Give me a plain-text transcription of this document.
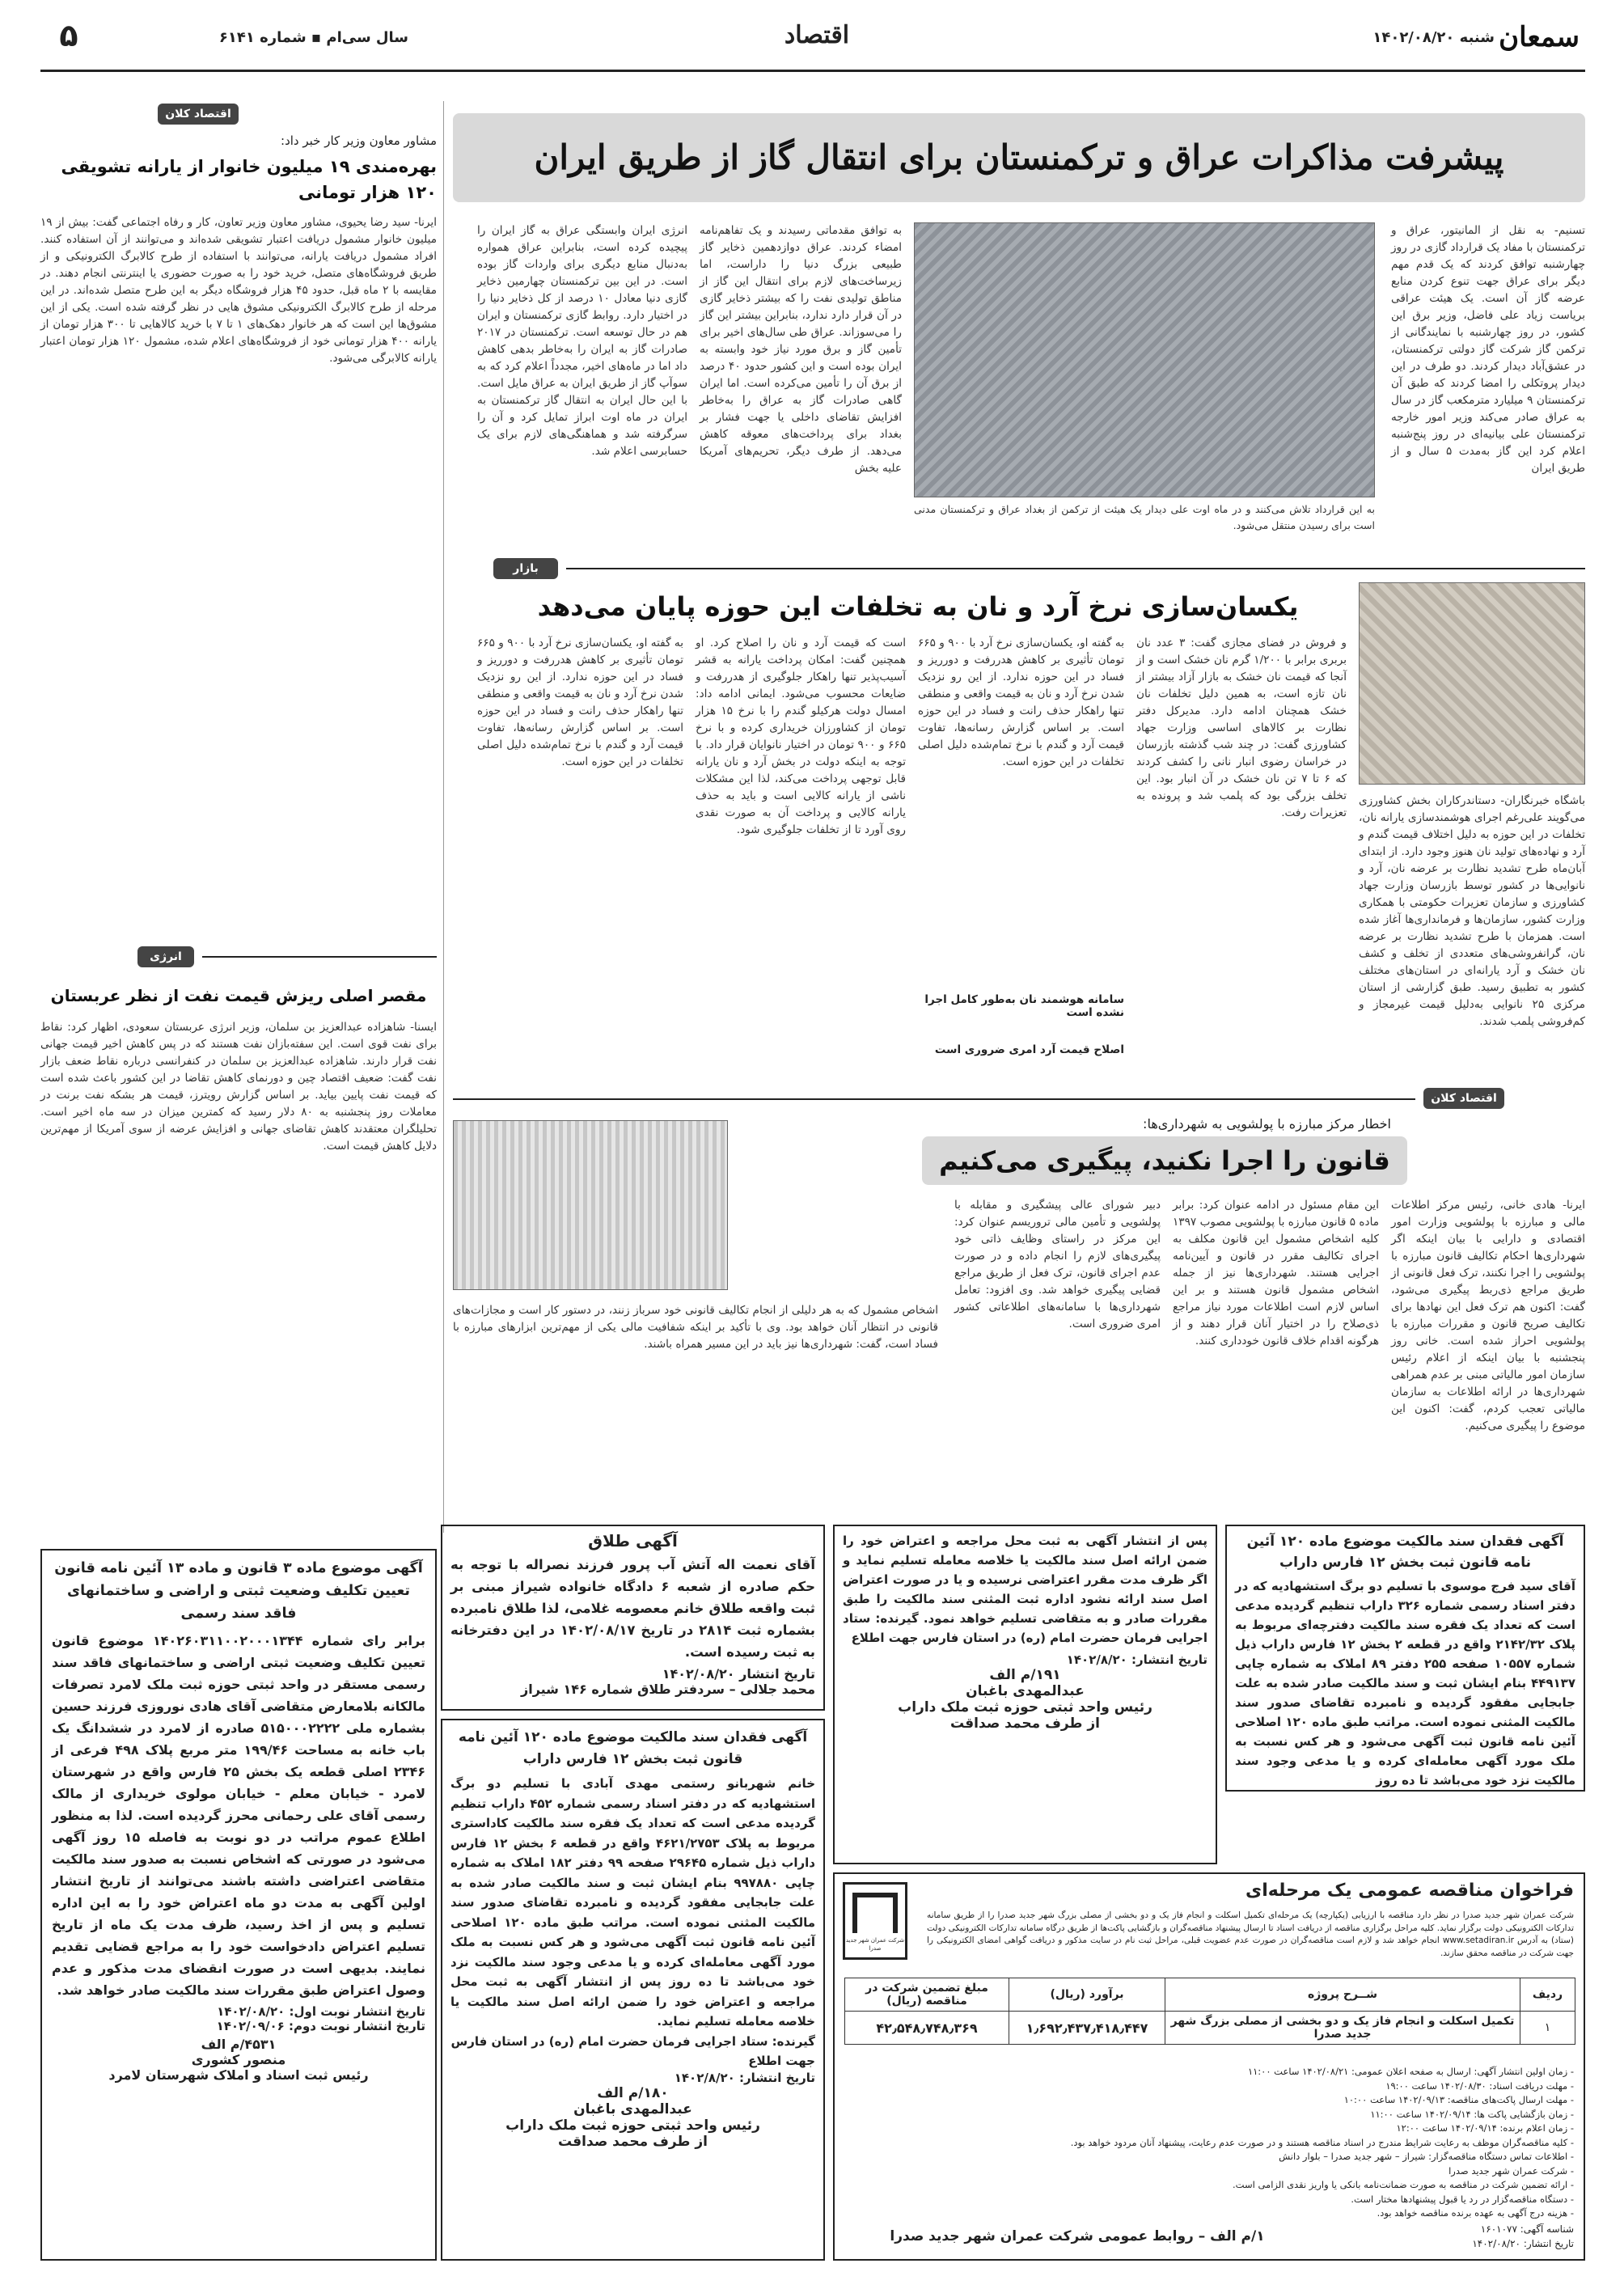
سمعان
شنبه ۱۴۰۲/۰۸/۲۰
اقتصاد
سال سی‌ام ▪ شماره ۶۱۴۱
۵
پیشرفت مذاکرات عراق و ترکمنستان برای انتقال گاز از طریق ایران
تسنیم- به نقل از المانیتور، عراق و ترکمنستان با مفاد یک قرارداد گازی در روز چهارشنبه توافق کردند که یک قدم مهم دیگر برای عراق جهت تنوع کردن منابع عرضه گاز آن است. یک هیئت عراقی بریاست زیاد علی فاضل، وزیر برق این کشور، در روز چهارشنبه با نمایندگانی از ترکمن گاز شرکت گاز دولتی ترکمنستان، در عشق‌آباد دیدار کردند. دو طرف در این دیدار پروتکلی را امضا کردند که طبق آن ترکمنستان ۹ میلیارد مترمکعب گاز در سال به عراق صادر می‌کند وزیر امور خارجه ترکمنستان علی بیانیه‌ای در روز پنج‌شنبه اعلام کرد این گاز به‌مدت ۵ سال و از طریق ایران
به این قرارداد تلاش می‌کنند و در ماه اوت علی دیدار یک هیئت از ترکمن از بغداد عراق و ترکمنستان مدنی است برای رسیدن منتقل می‌شود.
به توافق مقدماتی رسیدند و یک تفاهم‌نامه امضاء کردند. عراق دوازدهمین ذخایر گاز طبیعی بزرگ دنیا را داراست، اما زیرساخت‌های لازم برای انتقال این گاز از مناطق تولیدی نفت را که بیشتر ذخایر گازی در آن قرار دارد ندارد، بنابراین بیشتر این گاز را می‌سوزاند. عراق طی سال‌های اخیر برای تأمین گاز و برق مورد نیاز خود وابسته به ایران بوده است و این کشور حدود ۴۰ درصد از برق آن را تأمین می‌کرده است. اما ایران گاهی صادرات گاز به عراق را به‌خاطر افزایش تقاضای داخلی یا جهت فشار بر بغداد برای پرداخت‌های معوقه کاهش می‌دهد. از طرف دیگر، تحریم‌های آمریکا علیه بخش
انرژی ایران وابستگی عراق به گاز ایران را پیچیده کرده است، بنابراین عراق همواره به‌دنبال منابع دیگری برای واردات گاز بوده است. در این بین ترکمنستان چهارمین ذخایر گازی دنیا معادل ۱۰ درصد از کل ذخایر دنیا را در اختیار دارد. روابط گازی ترکمنستان و ایران هم در حال توسعه است. ترکمنستان در ۲۰۱۷ صادرات گاز به ایران را به‌خاطر بدهی کاهش داد اما در ماه‌های اخیر، مجدداً اعلام کرد که به سوآپ گاز از طریق ایران به عراق مایل است. با این حال ایران به انتقال گاز ترکمنستان به ایران در ماه اوت ابراز تمایل کرد و آن را سرگرفته شد و هماهنگی‌های لازم برای یک حسابرسی اعلام شد.
بازار
یکسان‌سازی نرخ آرد و نان به تخلفات این حوزه پایان می‌دهد
باشگاه خبرنگاران- دستاندرکاران بخش کشاورزی می‌گویند علی‌رغم اجرای هوشمندسازی یارانه نان، تخلفات در این حوزه به دلیل اختلاف قیمت گندم و آرد و نهاده‌های تولید نان هنوز وجود دارد. از ابتدای آبان‌ماه طرح تشدید نظارت بر عرضه نان، آرد و نانوایی‌ها در کشور توسط بازرسان وزارت جهاد کشاورزی و سازمان تعزیرات حکومتی با همکاری وزارت کشور، سازمان‌ها و فرمانداری‌ها آغاز شده است. همزمان با طرح تشدید نظارت بر عرضه نان، گرانفروشی‌های متعددی از تخلف و کشف نان خشک و آرد یارانه‌ای در استان‌های مختلف کشور به تطبیق رسید. طبق گزارشی از استان مرکزی ۲۵ نانوایی به‌دلیل قیمت غیرمجاز و کم‌فروشی پلمب شدند.
و فروش در فضای مجازی گفت: ۳ عدد نان بربری برابر با ۱/۲۰۰ گرم نان خشک است و از آنجا که قیمت نان خشک به بازار آزاد بیشتر از نان تازه است، به همین دلیل تخلفات نان خشک همچنان ادامه دارد. مدیرکل دفتر نظارت بر کالاهای اساسی وزارت جهاد کشاورزی گفت: در چند شب گذشته بازرسان در خراسان رضوی انبار نانی را کشف کردند که ۶ تا ۷ تن نان خشک در آن انبار بود. این تخلف بزرگی بود که پلمب شد و پرونده به تعزیرات رفت.
به گفته او، یکسان‌سازی نرخ آرد با ۹۰۰ و ۶۶۵ تومان تأثیری بر کاهش هدررفت و دورریز و فساد در این حوزه ندارد. از این رو نزدیک شدن نرخ آرد و نان به قیمت واقعی و منطقی تنها راهکار حذف رانت و فساد در این حوزه است. بر اساس گزارش رسانه‌ها، تفاوت قیمت آرد و گندم با نرخ تمام‌شده دلیل اصلی تخلفات در این حوزه است.
سامانه هوشمند نان به‌طور کامل اجرا نشده است
اصلاح قیمت آرد امری ضروری است
است که قیمت آرد و نان را اصلاح کرد. او همچنین گفت: امکان پرداخت یارانه به قشر آسیب‌پذیر تنها راهکار جلوگیری از هدررفت و ضایعات محسوب می‌شود. ایمانی ادامه داد: امسال دولت هرکیلو گندم را با نرخ ۱۵ هزار تومان از کشاورزان خریداری کرده و با نرخ ۶۶۵ و ۹۰۰ تومان در اختیار نانوایان قرار داد. با توجه به اینکه دولت در بخش آرد و نان یارانه قابل توجهی پرداخت می‌کند، لذا این مشکلات ناشی از یارانه کالایی است و باید به حذف یارانه کالایی و پرداخت آن به صورت نقدی روی آورد تا از تخلفات جلوگیری شود.
به گفته او، یکسان‌سازی نرخ آرد با ۹۰۰ و ۶۶۵ تومان تأثیری بر کاهش هدررفت و دورریز و فساد در این حوزه ندارد. از این رو نزدیک شدن نرخ آرد و نان به قیمت واقعی و منطقی تنها راهکار حذف رانت و فساد در این حوزه است. بر اساس گزارش رسانه‌ها، تفاوت قیمت آرد و گندم با نرخ تمام‌شده دلیل اصلی تخلفات در این حوزه است.
اقتصاد کلان
اخطار مرکز مبارزه با پولشویی به شهرداری‌ها:
قانون را اجرا نکنید، پیگیری می‌کنیم
ایرنا- هادی خانی، رئیس مرکز اطلاعات مالی و مبارزه با پولشویی وزارت امور اقتصادی و دارایی با بیان اینکه اگر شهرداری‌ها احکام تکالیف قانون مبارزه با پولشویی را اجرا نکنند، ترک فعل قانونی از طریق مراجع ذی‌ربط پیگیری می‌شود، گفت: اکنون هم ترک فعل این نهادها برای تکالیف صریح قانون و مقررات مبارزه با پولشویی احراز شده است. خانی روز پنجشنبه با بیان اینکه از اعلام رئیس سازمان امور مالیاتی مبنی بر عدم همراهی شهرداری‌ها در ارائه اطلاعات به سازمان مالیاتی تعجب کردم، گفت: اکنون این موضوع را پیگیری می‌کنیم.
این مقام مسئول در ادامه عنوان کرد: برابر ماده ۵ قانون مبارزه با پولشویی مصوب ۱۳۹۷ کلیه اشخاص مشمول این قانون مکلف به اجرای تکالیف مقرر در قانون و آیین‌نامه اجرایی هستند. شهرداری‌ها نیز از جمله اشخاص مشمول قانون هستند و بر این اساس لازم است اطلاعات مورد نیاز مراجع ذی‌صلاح را در اختیار آنان قرار دهند و از هرگونه اقدام خلاف قانون خودداری کنند.
دبیر شورای عالی پیشگیری و مقابله با پولشویی و تأمین مالی تروریسم عنوان کرد: این مرکز در راستای وظایف ذاتی خود پیگیری‌های لازم را انجام داده و در صورت عدم اجرای قانون، ترک فعل از طریق مراجع قضایی پیگیری خواهد شد. وی افزود: تعامل شهرداری‌ها با سامانه‌های اطلاعاتی کشور امری ضروری است.
اشخاص مشمول که به هر دلیلی از انجام تکالیف قانونی خود سرباز زنند، در دستور کار است و مجازات‌های قانونی در انتظار آنان خواهد بود. وی با تأکید بر اینکه شفافیت مالی یکی از مهم‌ترین ابزارهای مبارزه با فساد است، گفت: شهرداری‌ها نیز باید در این مسیر همراه باشند.
اقتصاد کلان
مشاور معاون وزیر کار خبر داد:
بهره‌مندی ۱۹ میلیون خانوار از یارانه تشویقی ۱۲۰ هزار تومانی
ایرنا- سید رضا یحیوی، مشاور معاون وزیر تعاون، کار و رفاه اجتماعی گفت: بیش از ۱۹ میلیون خانوار مشمول دریافت اعتبار تشویقی شده‌اند و می‌توانند از آن استفاده کنند. افراد مشمول دریافت یارانه، می‌توانند با استفاده از طرح کالابرگ الکترونیکی و از طریق فروشگاه‌های متصل، خرید خود را به صورت حضوری یا اینترنتی انجام دهند. در مقایسه با ۲ ماه قبل، حدود ۴۵ هزار فروشگاه دیگر به این طرح متصل شده‌اند. در این مرحله از طرح کالابرگ الکترونیکی مشوق هایی در نظر گرفته شده است. یکی از این مشوق‌ها این است که هر خانوار دهک‌های ۱ تا ۷ با خرید کالاهایی تا ۳۰۰ هزار تومان از یارانه ۴۰۰ هزار تومانی خود از فروشگاه‌های اعلام شده، مشمول ۱۲۰ هزار تومان اعتبار یارانه کالابرگی می‌شود.
انرژی
مقصر اصلی ریزش قیمت نفت از نظر عربستان
ایسنا- شاهزاده عبدالعزیز بن سلمان، وزیر انرژی عربستان سعودی، اظهار کرد: نقاط برای نفت قوی است. این سفته‌بازان نفت هستند که در پس کاهش اخیر قیمت جهانی نفت قرار دارند. شاهزاده عبدالعزیز بن سلمان در کنفرانسی درباره نقاط ضعف بازار نفت گفت: ضعیف اقتصاد چین و دورنمای کاهش تقاضا در این کشور باعث شده است که قیمت نفت پایین بیاید. بر اساس گزارش رویترز، قیمت هر بشکه نفت برنت در معاملات روز پنجشنبه به ۸۰ دلار رسید که کمترین میزان در سه ماه اخیر است. تحلیلگران معتقدند کاهش تقاضای جهانی و افزایش عرضه از سوی آمریکا از مهم‌ترین دلایل کاهش قیمت است.
آگهی طلاق
آقای نعمت اله آتش آب پرور فرزند نصراله با توجه به حکم صادره از شعبه ۶ دادگاه خانواده شیراز مبنی بر ثبت واقعه طلاق خانم معصومه غلامی، لذا طلاق نامبرده بشماره ثبت ۲۸۱۴ در تاریخ ۱۴۰۲/۰۸/۱۷ در این دفترخانه به ثبت رسیده است.
تاریخ انتشار ۱۴۰۲/۰۸/۲۰
محمد جلالی – سردفتر طلاق شماره ۱۴۶ شیراز
پس از انتشار آگهی به ثبت محل مراجعه و اعتراض خود را ضمن ارائه اصل سند مالکیت یا خلاصه معامله تسلیم نماید و اگر ظرف مدت مقرر اعتراضی نرسیده و یا در صورت اعتراض اصل سند ارائه نشود اداره ثبت المثنی سند مالکیت را طبق مقررات صادر و به متقاضی تسلیم خواهد نمود. گیرنده: ستاد اجرایی فرمان حضرت امام (ره) در استان فارس جهت اطلاع
تاریخ انتشار: ۱۴۰۲/۸/۲۰
۱۹۱/م الف
عبدالمهدی باغبان
رئیس واحد ثبتی حوزه ثبت ملک داراب
از طرف محمد صداقت
آگهی فقدان سند مالکیت موضوع ماده ۱۲۰ آئین نامه قانون ثبت بخش ۱۲ فارس داراب
آقای سید فرج موسوی با تسلیم دو برگ استشهادیه که در دفتر اسناد رسمی شماره ۳۲۶ داراب تنظیم گردیده مدعی است که تعداد یک فقره سند مالکیت دفترچه‌ای مربوط به پلاک ۲۱۴۲/۳۲ واقع در قطعه ۲ بخش ۱۲ فارس داراب ذیل شماره ۱۰۵۵۷ صفحه ۲۵۵ دفتر ۸۹ املاک به شماره چاپی ۴۴۹۱۳۷ بنام ایشان ثبت و سند مالکیت صادر شده به علت جابجایی مفقود گردیده و نامبرده تقاضای صدور سند مالکیت المثنی نموده است. مراتب طبق ماده ۱۲۰ اصلاحی آئین نامه قانون ثبت آگهی می‌شود و هر کس نسبت به ملک مورد آگهی معامله‌ای کرده و یا مدعی وجود سند مالکیت نزد خود می‌باشد تا ده روز
آگهی موضوع ماده ۳ قانون و ماده ۱۳ آئین نامه قانون تعیین تکلیف وضعیت ثبتی و اراضی و ساختمانهای فاقد سند رسمی
برابر رای شماره ۱۴۰۲۶۰۳۱۱۰۰۲۰۰۰۱۳۴۴ موضوع قانون تعیین تکلیف وضعیت ثبتی اراضی و ساختمانهای فاقد سند رسمی مستقر در واحد ثبتی حوزه ثبت ملک لامرد تصرفات مالکانه بلامعارض متقاضی آقای هادی نوروزی فرزند حسین بشماره ملی ۵۱۵۰۰۰۲۲۲۲ صادره از لامرد در ششدانگ یک باب خانه به مساحت ۱۹۹/۴۶ متر مربع پلاک ۴۹۸ فرعی از ۲۳۴۶ اصلی قطعه یک بخش ۲۵ فارس واقع در شهرستان لامرد - خیابان معلم - خیابان مولوی خریداری از مالک رسمی آقای علی رحمانی محرز گردیده است. لذا به منظور اطلاع عموم مراتب در دو نوبت به فاصله ۱۵ روز آگهی می‌شود در صورتی که اشخاص نسبت به صدور سند مالکیت متقاضی اعتراضی داشته باشند می‌توانند از تاریخ انتشار اولین آگهی به مدت دو ماه اعتراض خود را به این اداره تسلیم و پس از اخذ رسید، ظرف مدت یک ماه از تاریخ تسلیم اعتراض دادخواست خود را به مراجع قضایی تقدیم نمایند. بدیهی است در صورت انقضای مدت مذکور و عدم وصول اعتراض طبق مقررات سند مالکیت صادر خواهد شد.
تاریخ انتشار نوبت اول: ۱۴۰۲/۰۸/۲۰
تاریخ انتشار نوبت دوم: ۱۴۰۲/۰۹/۰۶
۴۵۳۱/م الف
منصور کشوری
رئیس ثبت اسناد و املاک شهرستان لامرد
آگهی فقدان سند مالکیت موضوع ماده ۱۲۰ آئین نامه قانون ثبت بخش ۱۲ فارس داراب
خانم شهربانو رستمی مهدی آبادی با تسلیم دو برگ استشهادیه که در دفتر اسناد رسمی شماره ۴۵۲ داراب تنظیم گردیده مدعی است که تعداد یک فقره سند مالکیت کاداستری مربوط به پلاک ۴۶۲۱/۲۷۵۳ واقع در قطعه ۶ بخش ۱۲ فارس داراب ذیل شماره ۲۹۶۴۵ صفحه ۹۹ دفتر ۱۸۲ املاک به شماره چاپی ۹۹۷۸۸۰ بنام ایشان ثبت و سند مالکیت صادر شده به علت جابجایی مفقود گردیده و نامبرده تقاضای صدور سند مالکیت المثنی نموده است. مراتب طبق ماده ۱۲۰ اصلاحی آئین نامه قانون ثبت آگهی می‌شود و هر کس نسبت به ملک مورد آگهی معامله‌ای کرده و یا مدعی وجود سند مالکیت نزد خود می‌باشد تا ده روز پس از انتشار آگهی به ثبت محل مراجعه و اعتراض خود را ضمن ارائه اصل سند مالکیت یا خلاصه معامله تسلیم نماید.
گیرنده: ستاد اجرایی فرمان حضرت امام (ره) در استان فارس جهت اطلاع
تاریخ انتشار: ۱۴۰۲/۸/۲۰
۱۸۰/م الف
عبدالمهدی باغبان
رئیس واحد ثبتی حوزه ثبت ملک داراب
از طرف محمد صداقت
شرکت عمران شهر جدید صدرا
فراخوان مناقصه عمومی یک مرحله‌ای
شرکت عمران شهر جدید صدرا در نظر دارد مناقصه با ارزیابی (یکپارچه) یک مرحله‌ای تکمیل اسکلت و انجام فاز یک و دو بخشی از مصلی بزرگ شهر جدید صدرا را از طریق سامانه تدارکات الکترونیکی دولت برگزار نماید. کلیه مراحل برگزاری مناقصه از دریافت اسناد تا ارسال پیشنهاد مناقصه‌گران و بازگشایی پاکت‌ها از طریق درگاه سامانه تدارکات الکترونیکی دولت (ستاد) به آدرس www.setadiran.ir انجام خواهد شد و لازم است مناقصه‌گران در صورت عدم عضویت قبلی، مراحل ثبت نام در سایت مذکور و دریافت گواهی امضای الکترونیکی را جهت شرکت در مناقصه محقق سازند.
ردیف	شــرح پروژه	برآورد (ریال)	مبلغ تضمین شرکت در مناقصه (ریال)
۱	تکمیل اسکلت و انجام فاز یک و دو بخشی از مصلی بزرگ شهر جدید صدرا	۱٫۶۹۲٫۴۳۷٫۴۱۸٫۴۴۷	۴۲٫۵۴۸٫۷۴۸٫۳۶۹
- زمان اولین انتشار آگهی: ارسال به صفحه اعلان عمومی: ۱۴۰۲/۰۸/۲۱ ساعت ۱۱:۰۰
- مهلت دریافت اسناد: ۱۴۰۲/۰۸/۳۰ ساعت ۱۹:۰۰
- مهلت ارسال پاکت‌های مناقصه: ۱۴۰۲/۰۹/۱۳ ساعت ۱۰:۰۰
- زمان بازگشایی پاکت ها: ۱۴۰۲/۰۹/۱۴ ساعت ۱۱:۰۰
- زمان اعلام برنده: ۱۴۰۲/۰۹/۱۴ ساعت ۱۲:۰۰
- کلیه مناقصه‌گران موظف به رعایت شرایط مندرج در اسناد مناقصه هستند و در صورت عدم رعایت، پیشنهاد آنان مردود خواهد بود.
- اطلاعات تماس دستگاه مناقصه‌گزار: شیراز – شهر جدید صدرا – بلوار دانش
- شرکت عمران شهر جدید صدرا
- ارائه تضمین شرکت در مناقصه به صورت ضمانت‌نامه بانکی یا واریز نقدی الزامی است.
- دستگاه مناقصه‌گزار در رد یا قبول پیشنهادها مختار است.
- هزینه درج آگهی به عهده برنده مناقصه خواهد بود.
شناسه آگهی: ۱۶۰۱۰۷۷
تاریخ انتشار: ۱۴۰۲/۰۸/۲۰
۱/م الف – روابط عمومی شرکت عمران شهر جدید صدرا
